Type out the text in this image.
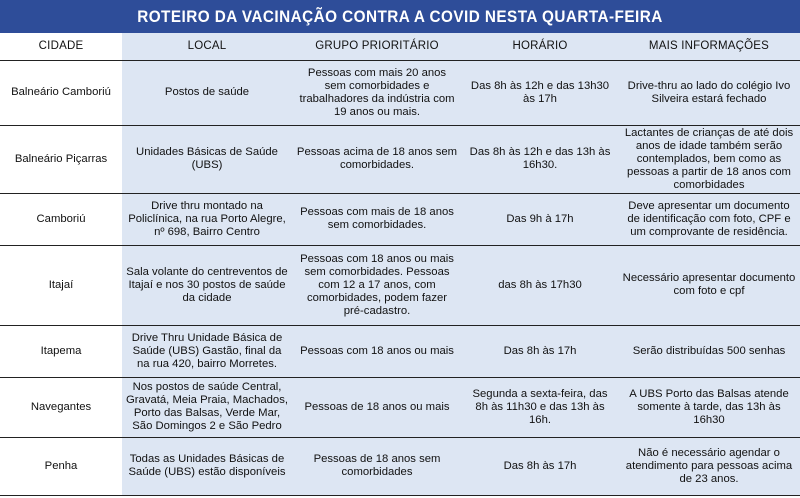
ROTEIRO DA VACINAÇÃO CONTRA A COVID NESTA QUARTA-FEIRA
CIDADE	LOCAL	GRUPO PRIORITÁRIO	HORÁRIO	MAIS INFORMAÇÕES
Balneário Camboriú	Postos de saúde	Pessoas com mais 20 anos sem comorbidades e trabalhadores da indústria com 19 anos ou mais.	Das 8h às 12h e das 13h30 às 17h	Drive-thru ao lado do colégio Ivo Silveira estará fechado
Balneário Piçarras	Unidades Básicas de Saúde (UBS)	Pessoas acima de 18 anos sem comorbidades.	Das 8h às 12h e das 13h às 16h30.	Lactantes de crianças de até dois anos de idade também serão contemplados, bem como as pessoas a partir de 18 anos com comorbidades
Camboriú	Drive thru montado na Policlínica, na rua Porto Alegre, nº 698, Bairro Centro	Pessoas com mais de 18 anos sem comorbidades.	Das 9h à 17h	Deve apresentar um documento de identificação com foto, CPF e um comprovante de residência.
Itajaí	Sala volante do centreventos de Itajaí e nos 30 postos de saúde da cidade	Pessoas com 18 anos ou mais sem comorbidades. Pessoas com 12 a 17 anos, com comorbidades, podem fazer pré-cadastro.	das 8h às 17h30	Necessário apresentar documento com foto e cpf
Itapema	Drive Thru Unidade Básica de Saúde (UBS) Gastão, final da na rua 420, bairro Morretes.	Pessoas com 18 anos ou mais	Das 8h às 17h	Serão distribuídas 500 senhas
Navegantes	Nos postos de saúde Central, Gravatá, Meia Praia, Machados, Porto das Balsas, Verde Mar, São Domingos 2 e São Pedro	Pessoas de 18 anos ou mais	Segunda a sexta-feira, das 8h às 11h30 e das 13h às 16h.	A UBS Porto das Balsas atende somente à tarde, das 13h às 16h30
Penha	Todas as Unidades Básicas de Saúde (UBS) estão disponíveis	Pessoas de 18 anos sem comorbidades	Das 8h às 17h	Não é necessário agendar o atendimento para pessoas acima de 23 anos.
